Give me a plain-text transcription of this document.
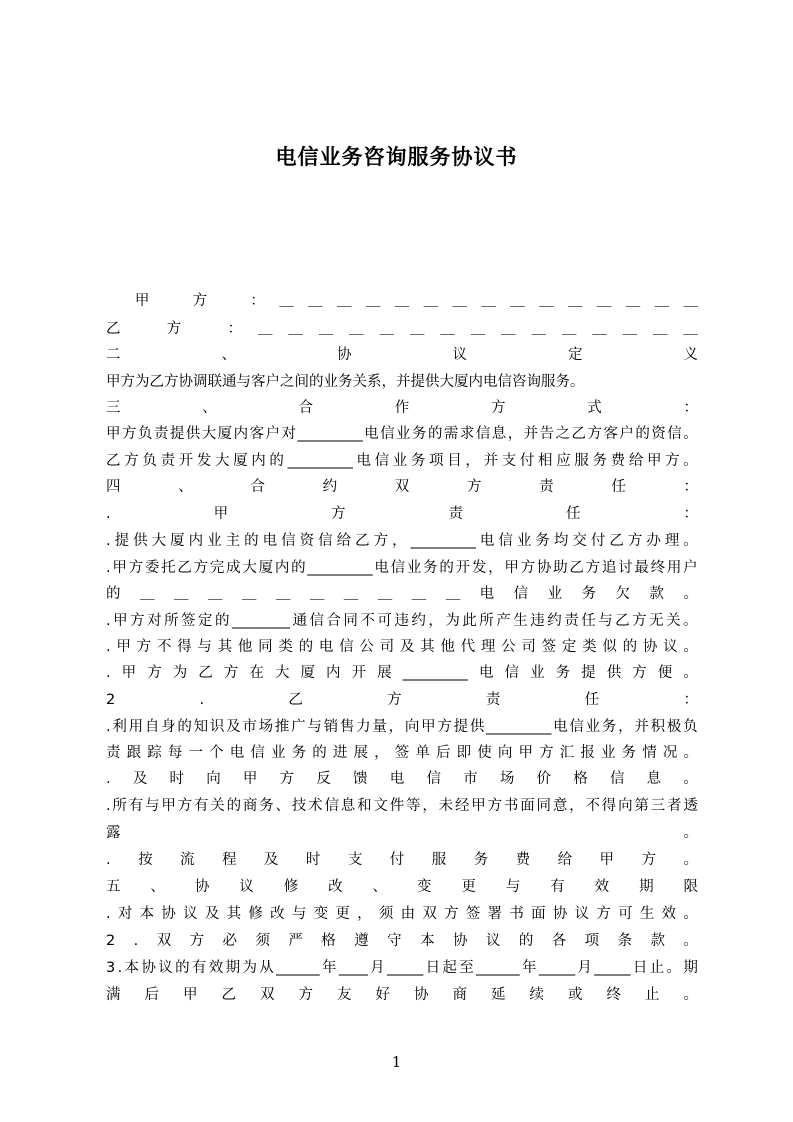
电信业务咨询服务协议书

甲
　	方
　	： ＿ ＿ ＿ ＿ ＿ ＿ ＿ ＿ ＿ ＿ ＿ ＿ ＿ ＿ ＿
乙
　	方
　	： ＿ ＿ ＿ ＿ ＿ ＿ ＿ ＿ ＿ ＿ ＿ ＿ ＿ ＿ ＿
二	、	协	议	定	义
甲方为乙方协调联通与客户之间的业务关系，并提供大厦内电信咨询服务。
三	、	合	作	方	式	：
甲 方 负 责 提 供 大 厦 内 客 户 对 _________ 电 信 业 务 的 需 求 信 息 ， 并 告 之 乙 方 客 户 的 资 信 。
乙 方 负 责 开 发 大 厦 内 的 _________ 电 信 业 务 项 目 ， 并 支 付 相 应 服 务 费 给 甲 方 。
四	、	合	约	双	方	责	任	：
.	甲	方	责	任	：
. 提 供 大 厦 内 业 主 的 电 信 资 信 给 乙 方 ， _________ 电 信 业 务 均 交 付 乙 方 办 理 。
. 甲 方 委 托 乙 方 完 成 大 厦 内 的 _________ 电 信 业 务 的 开 发 ， 甲 方 协 助 乙 方 追 讨 最 终 用 户
的 ＿ ＿ ＿ ＿ ＿ ＿ ＿ ＿ ＿ ＿ 电 信 业 务 欠 款 。
. 甲 方 对 所 签 定 的 ________ 通 信 合 同 不 可 违 约 ， 为 此 所 产 生 违 约 责 任 与 乙 方 无 关 。
. 甲 方 不 得 与 其 他 同 类 的 电 信 公 司 及 其 他 代 理 公 司 签 定 类 似 的 协 议 。
. 甲 方 为 乙 方 在 大 厦 内 开 展 _________ 电 信 业 务 提 供 方 便 。
2	.	乙	方	责	任	：
. 利 用 自 身 的 知 识 及 市 场 推 广 与 销 售 力 量 ， 向 甲 方 提 供 _________ 电 信 业 务 ， 并 积 极 负
责 跟 踪 每 一 个 电 信 业 务 的 进 展 ， 签 单 后 即 使 向 甲 方 汇 报 业 务 情 况 。
. 及 时 向 甲 方 反 馈 电 信 市 场 价 格 信 息 。
. 所 有 与 甲 方 有 关 的 商 务 、 技 术 信 息 和 文 件 等 ， 未 经 甲 方 书 面 同 意 ， 不 得 向 第 三 者 透
露

　	。
. 按 流 程 及 时 支 付 服 务 费 给 甲 方 。
五 、 协 议 修 改 、 变 更 与 有 效 期 限
. 对 本 协 议 及 其 修 改 与 变 更 ， 须 由 双 方 签 署 书 面 协 议 方 可 生 效 。
2 . 双 方 必 须 严 格 遵 守 本 协 议 的 各 项 条 款 。
3 . 本 协 议 的 有 效 期 为 从 ______ 年 ____ 月 _____ 日 起 至 ______ 年 _____ 月 _____ 日 止 。 期
满 后 甲 乙 双 方 友 好 协 商 延 续 或 终 止 。
1
